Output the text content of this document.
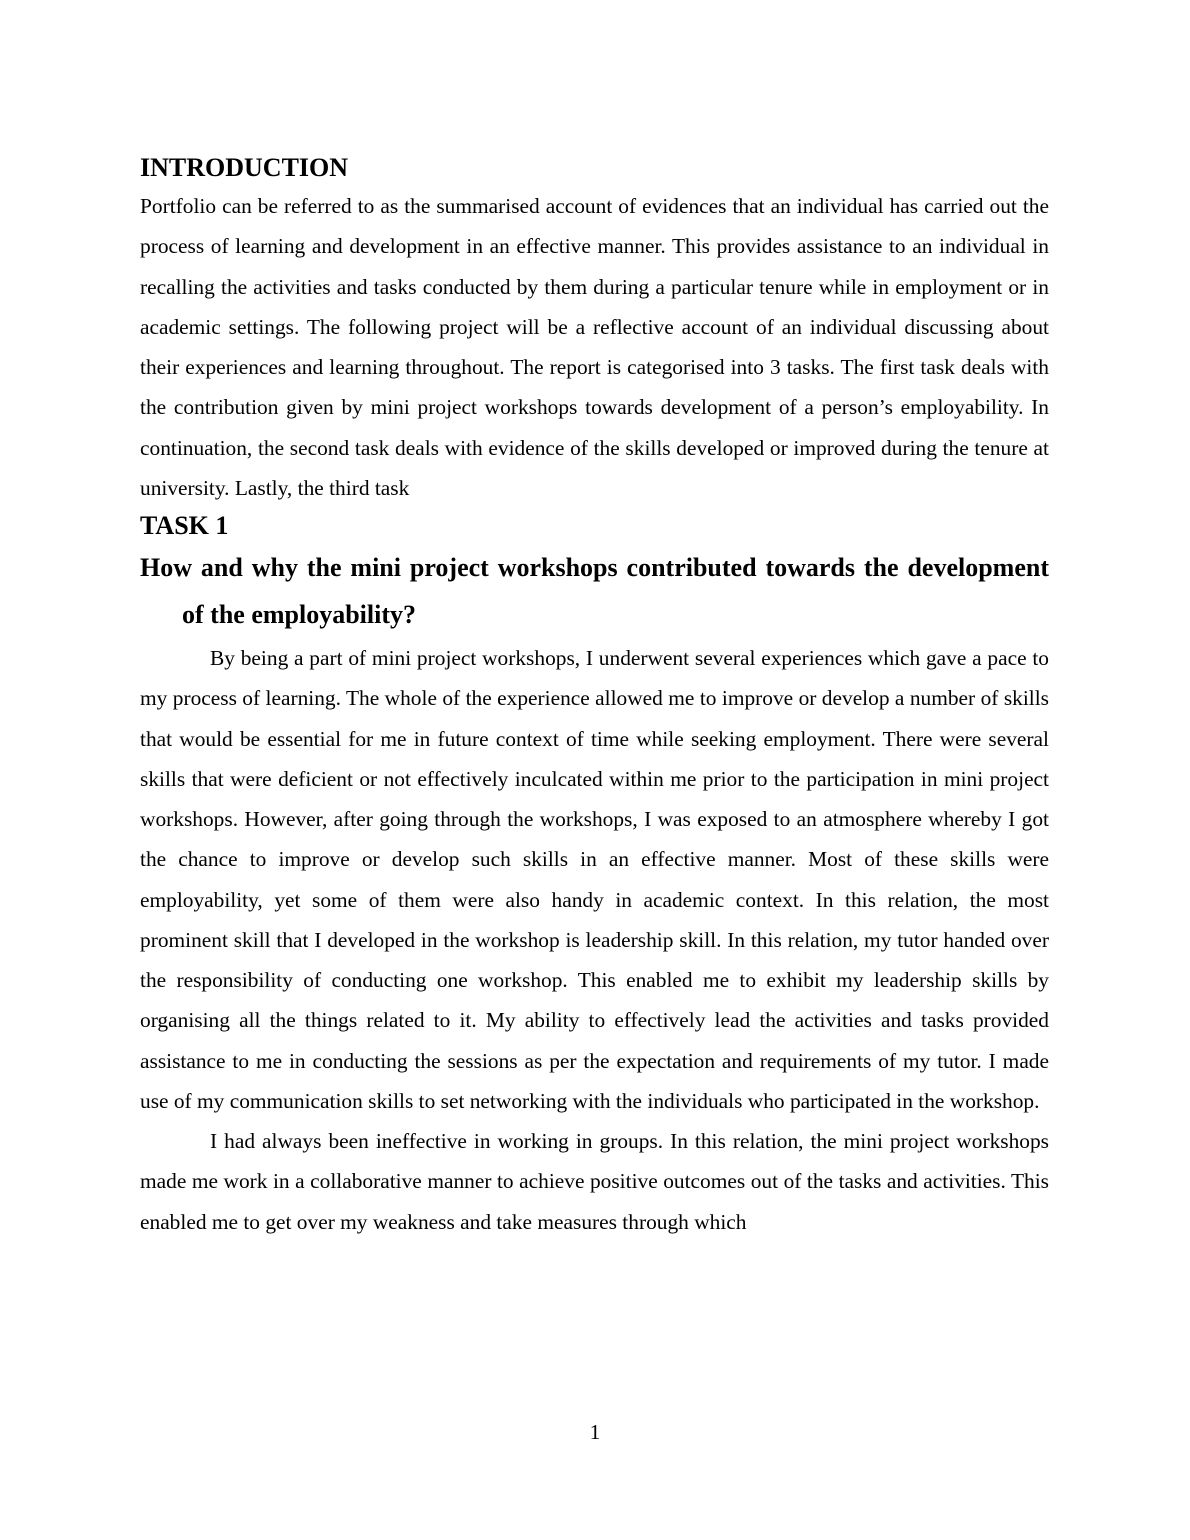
INTRODUCTION

Portfolio can be referred to as the summarised account of evidences that an individual has carried out the process of learning and development in an effective manner. This provides assistance to an individual in recalling the activities and tasks conducted by them during a particular tenure while in employment or in academic settings. The following project will be a reflective account of an individual discussing about their experiences and learning throughout. The report is categorised into 3 tasks. The first task deals with the contribution given by mini project workshops towards development of a person’s employability. In continuation, the second task deals with evidence of the skills developed or improved during the tenure at university. Lastly, the third task

TASK 1
How and why the mini project workshops contributed towards the development of the employability?

By being a part of mini project workshops, I underwent several experiences which gave a pace to my process of learning. The whole of the experience allowed me to improve or develop a number of skills that would be essential for me in future context of time while seeking employment. There were several skills that were deficient or not effectively inculcated within me prior to the participation in mini project workshops. However, after going through the workshops, I was exposed to an atmosphere whereby I got the chance to improve or develop such skills in an effective manner. Most of these skills were employability, yet some of them were also handy in academic context. In this relation, the most prominent skill that I developed in the workshop is leadership skill. In this relation, my tutor handed over the responsibility of conducting one workshop. This enabled me to exhibit my leadership skills by organising all the things related to it. My ability to effectively lead the activities and tasks provided assistance to me in conducting the sessions as per the expectation and requirements of my tutor. I made use of my communication skills to set networking with the individuals who participated in the workshop.

I had always been ineffective in working in groups. In this relation, the mini project workshops made me work in a collaborative manner to achieve positive outcomes out of the tasks and activities. This enabled me to get over my weakness and take measures through which

1
